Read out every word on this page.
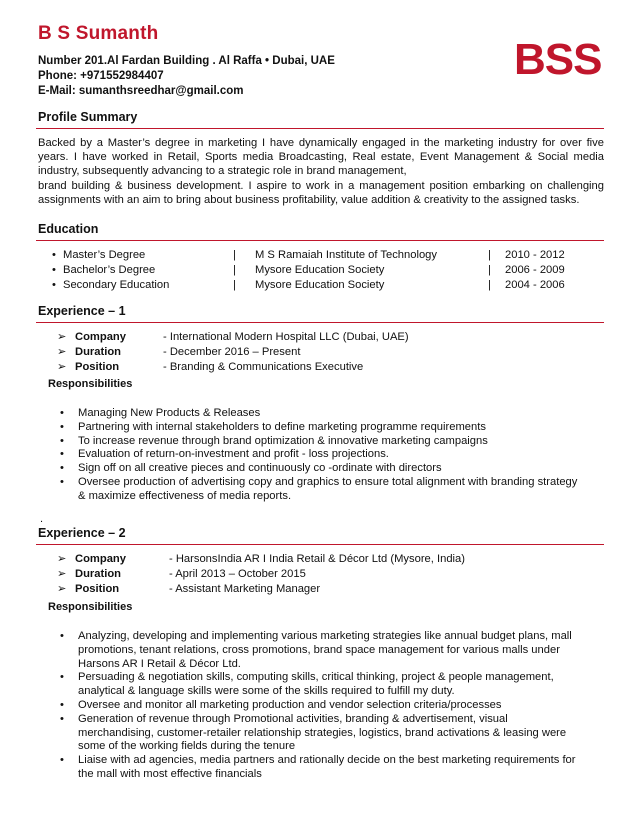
B S Sumanth
Number 201.Al Fardan Building . Al Raffa • Dubai, UAE
Phone: +971552984407
E-Mail: sumanthsreedhar@gmail.com
BSS
Profile Summary

Backed by a Master’s degree in marketing I have dynamically engaged in the marketing industry for over five years. I have worked in Retail, Sports media Broadcasting, Real estate, Event Management & Social media industry, subsequently advancing to a strategic role in brand management,

brand building & business development. I aspire to work in a management position embarking on challenging assignments with an aim to bring about business profitability, value addition & creativity to the assigned tasks.

Education
• Master’s Degree	|	M S Ramaiah Institute of Technology	|	2010 - 2012
• Bachelor’s Degree	|	Mysore Education Society	|	2006 - 2009
• Secondary Education	|	Mysore Education Society	|	2004 - 2006
Experience – 1
➢ Company	- International Modern Hospital LLC (Dubai, UAE)
➢ Duration	- December 2016 – Present
➢ Position	- Branding & Communications Executive
Responsibilities
• Managing New Products & Releases
• Partnering with internal stakeholders to define marketing programme requirements
• To increase revenue through brand optimization & innovative marketing campaigns
• Evaluation of return-on-investment and profit - loss projections.
• Sign off on all creative pieces and continuously co -ordinate with directors
• Oversee production of advertising copy and graphics to ensure total alignment with branding strategy & maximize effectiveness of media reports.
.
Experience – 2
➢ Company	- HarsonsIndia AR I India Retail & Décor Ltd (Mysore, India)
➢ Duration	- April 2013 – October 2015
➢ Position	- Assistant Marketing Manager
Responsibilities
• Analyzing, developing and implementing various marketing strategies like annual budget plans, mall promotions, tenant relations, cross promotions, brand space management for various malls under Harsons AR I Retail & Décor Ltd.
• Persuading & negotiation skills, computing skills, critical thinking, project & people management, analytical & language skills were some of the skills required to fulfill my duty.
• Oversee and monitor all marketing production and vendor selection criteria/processes
• Generation of revenue through Promotional activities, branding & advertisement, visual merchandising, customer-retailer relationship strategies, logistics, brand activations & leasing were some of the working fields during the tenure
• Liaise with ad agencies, media partners and rationally decide on the best marketing requirements for the mall with most effective financials
